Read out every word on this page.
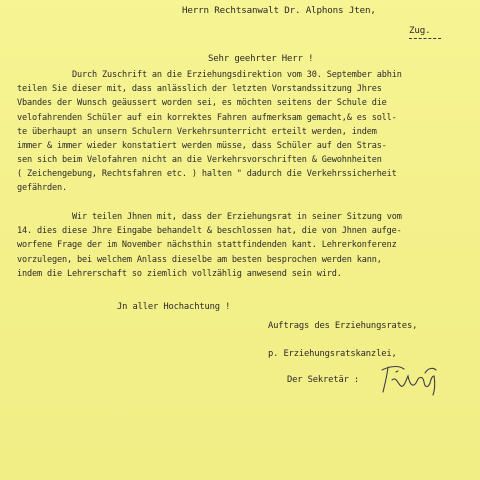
Herrn Rechtsanwalt Dr. Alphons Jten,
Zug.
Sehr geehrter Herr !
Durch Zuschrift an die Erziehungsdirektion vom 30. September abhin
teilen Sie dieser mit, dass anlässlich der letzten Vorstandssitzung Jhres
Vbandes der Wunsch geäussert worden sei, es möchten seitens der Schule die
velofahrenden Schüler auf ein korrektes Fahren aufmerksam gemacht,& es soll-
te überhaupt an unsern Schulern Verkehrsunterricht erteilt werden, indem
immer & immer wieder konstatiert werden müsse, dass Schüler auf den Stras-
sen sich beim Velofahren nicht an die Verkehrsvorschriften & Gewohnheiten
( Zeichengebung, Rechtsfahren etc. ) halten " dadurch die Verkehrssicherheit
gefährden.
Wir teilen Jhnen mit, dass der Erziehungsrat in seiner Sitzung vom
14. dies diese Jhre Eingabe behandelt & beschlossen hat, die von Jhnen aufge-
worfene Frage der im November nächsthin stattfindenden kant. Lehrerkonferenz
vorzulegen, bei welchem Anlass dieselbe am besten besprochen werden kann,
indem die Lehrerschaft so ziemlich vollzählig anwesend sein wird.
Jn aller Hochachtung !
Auftrags des Erziehungsrates,
p. Erziehungsratskanzlei,
Der Sekretär :
